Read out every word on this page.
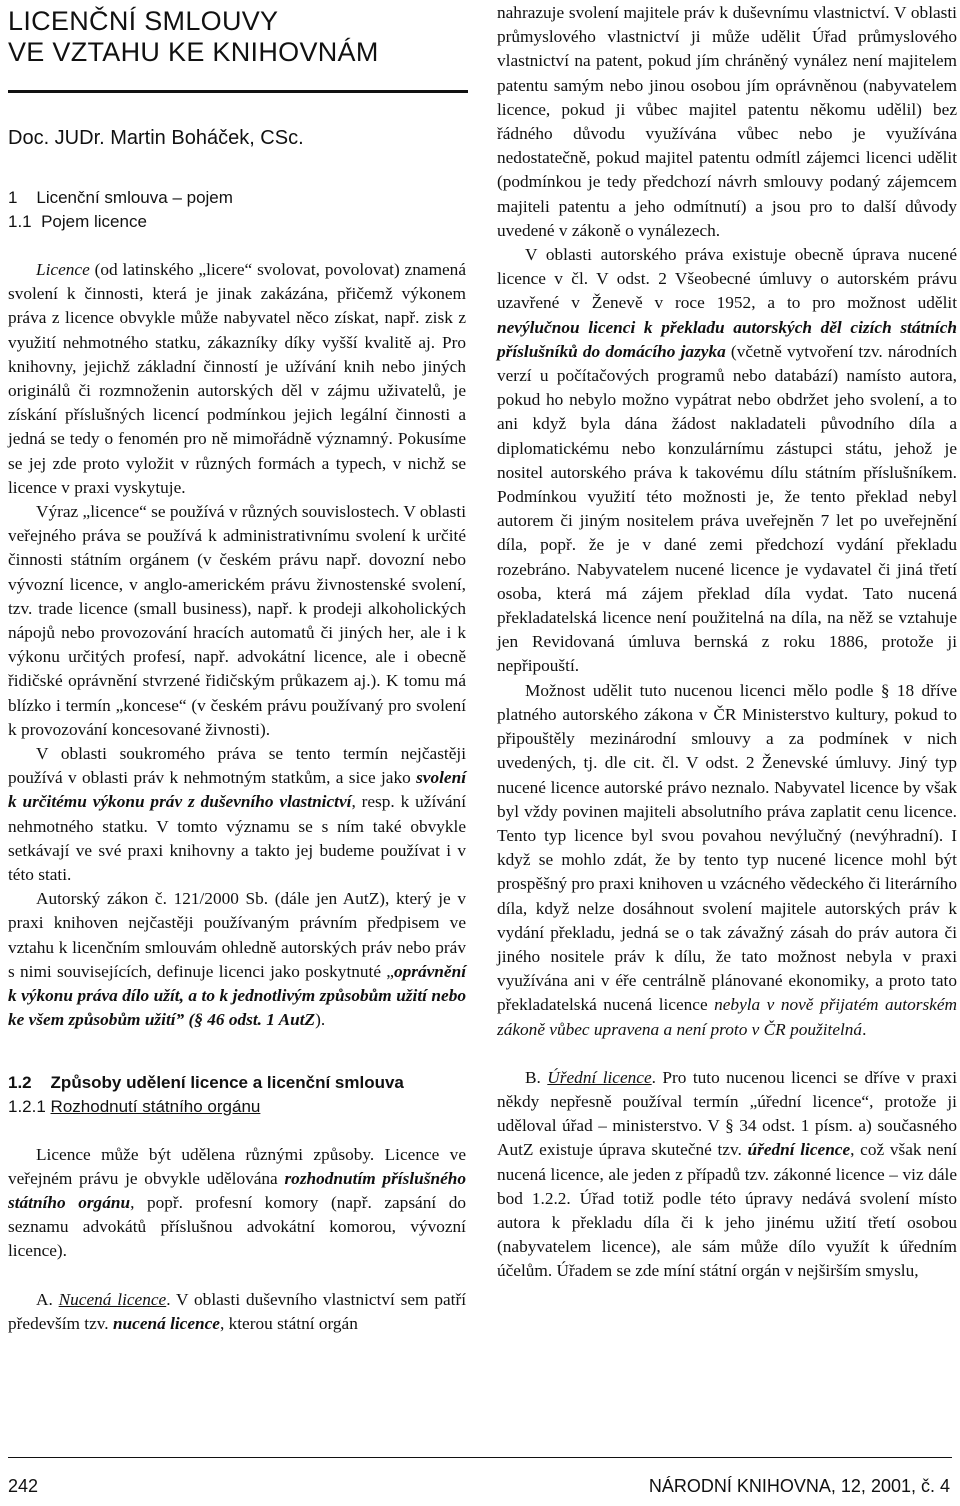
LICENČNÍ SMLOUVY
VE VZTAHU KE KNIHOVNÁM
Doc. JUDr. Martin Boháček, CSc.
1 Licenční smlouva – pojem
1.1 Pojem licence

Licence (od latinského „licere“ svolovat, povolovat) znamená svolení k činnosti, která je jinak zakázána, přičemž výkonem práva z licence obvykle může nabyvatel něco získat, např. zisk z využití nehmotného statku, zákazníky díky vyšší kvalitě aj. Pro knihovny, jejichž základní činností je užívání knih nebo jiných originálů či rozmnoženin autorských děl v zájmu uživatelů, je získání příslušných licencí podmínkou jejich legální činnosti a jedná se tedy o fenomén pro ně mimořádně významný. Pokusíme se jej zde proto vyložit v různých formách a typech, v nichž se licence v praxi vyskytuje.

Výraz „licence“ se používá v různých souvislostech. V oblasti veřejného práva se používá k administrativnímu svolení k určité činnosti státním orgánem (v českém právu např. dovozní nebo vývozní licence, v anglo-americkém právu živnostenské svolení, tzv. trade licence (small business), např. k prodeji alkoholických nápojů nebo provozování hracích automatů či jiných her, ale i k výkonu určitých profesí, např. advokátní licence, ale i obecně řidičské oprávnění stvrzené řidičským průkazem aj.). K tomu má blízko i termín „koncese“ (v českém právu používaný pro svolení k provozování koncesované živnosti).

V oblasti soukromého práva se tento termín nejčastěji používá v oblasti práv k nehmotným statkům, a sice jako svolení k určitému výkonu práv z duševního vlastnictví, resp. k užívání nehmotného statku. V tomto významu se s ním také obvykle setkávají ve své praxi knihovny a takto jej budeme používat i v této stati.

Autorský zákon č. 121/2000 Sb. (dále jen AutZ), který je v praxi knihoven nejčastěji používaným právním předpisem ve vztahu k licenčním smlouvám ohledně autorských práv nebo práv s nimi souvisejících, definuje licenci jako poskytnuté „oprávnění k výkonu práva dílo užít, a to k jednotlivým způsobům užití nebo ke všem způsobům užití” (§ 46 odst. 1 AutZ).

1.2 Způsoby udělení licence a licenční smlouva
1.2.1 Rozhodnutí státního orgánu

Licence může být udělena různými způsoby. Licence ve veřejném právu je obvykle udělována rozhodnutím příslušného státního orgánu, popř. profesní komory (např. zapsání do seznamu advokátů příslušnou advokátní komorou, vývozní licence).

A. Nucená licence. V oblasti duševního vlastnictví sem patří především tzv. nucená licence, kterou státní orgán

nahrazuje svolení majitele práv k duševnímu vlastnictví. V oblasti průmyslového vlastnictví ji může udělit Úřad průmyslového vlastnictví na patent, pokud jím chráněný vynález není majitelem patentu samým nebo jinou osobou jím oprávněnou (nabyvatelem licence, pokud ji vůbec majitel patentu někomu udělil) bez řádného důvodu využívána vůbec nebo je využívána nedostatečně, pokud majitel patentu odmítl zájemci licenci udělit (podmínkou je tedy předchozí návrh smlouvy podaný zájemcem majiteli patentu a jeho odmítnutí) a jsou pro to další důvody uvedené v zákoně o vynálezech.

V oblasti autorského práva existuje obecně úprava nucené licence v čl. V odst. 2 Všeobecné úmluvy o autorském právu uzavřené v Ženevě v roce 1952, a to pro možnost udělit nevýlučnou licenci k překladu autorských děl cizích státních příslušníků do domácího jazyka (včetně vytvoření tzv. národních verzí u počítačových programů nebo databází) namísto autora, pokud ho nebylo možno vypátrat nebo obdržet jeho svolení, a to ani když byla dána žádost nakladateli původního díla a diplomatickému nebo konzulárnímu zástupci státu, jehož je nositel autorského práva k takovému dílu státním příslušníkem. Podmínkou využití této možnosti je, že tento překlad nebyl autorem či jiným nositelem práva uveřejněn 7 let po uveřejnění díla, popř. že je v dané zemi předchozí vydání překladu rozebráno. Nabyvatelem nucené licence je vydavatel či jiná třetí osoba, která má zájem překlad díla vydat. Tato nucená překladatelská licence není použitelná na díla, na něž se vztahuje jen Revidovaná úmluva bernská z roku 1886, protože ji nepřipouští.

Možnost udělit tuto nucenou licenci mělo podle § 18 dříve platného autorského zákona v ČR Ministerstvo kultury, pokud to připouštěly mezinárodní smlouvy a za podmínek v nich uvedených, tj. dle cit. čl. V odst. 2 Ženevské úmluvy. Jiný typ nucené licence autorské právo neznalo. Nabyvatel licence by však byl vždy povinen majiteli absolutního práva zaplatit cenu licence. Tento typ licence byl svou povahou nevýlučný (nevýhradní). I když se mohlo zdát, že by tento typ nucené licence mohl být prospěšný pro praxi knihoven u vzácného vědeckého či literárního díla, když nelze dosáhnout svolení majitele autorských práv k vydání překladu, jedná se o tak závažný zásah do práv autora či jiného nositele práv k dílu, že tato možnost nebyla v praxi využívána ani v éře centrálně plánované ekonomiky, a proto tato překladatelská nucená licence nebyla v nově přijatém autorském zákoně vůbec upravena a není proto v ČR použitelná.

B. Úřední licence. Pro tuto nucenou licenci se dříve v praxi někdy nepřesně používal termín „úřední licence“, protože ji uděloval úřad – ministerstvo. V § 34 odst. 1 písm. a) současného AutZ existuje úprava skutečné tzv. úřední licence, což však není nucená licence, ale jeden z případů tzv. zákonné licence – viz dále bod 1.2.2. Úřad totiž podle této úpravy nedává svolení místo autora k překladu díla či k jeho jinému užití třetí osobou (nabyvatelem licence), ale sám může dílo využít k úředním účelům. Úřadem se zde míní státní orgán v nejširším smyslu,

242	NÁRODNÍ KNIHOVNA, 12, 2001, č. 4
